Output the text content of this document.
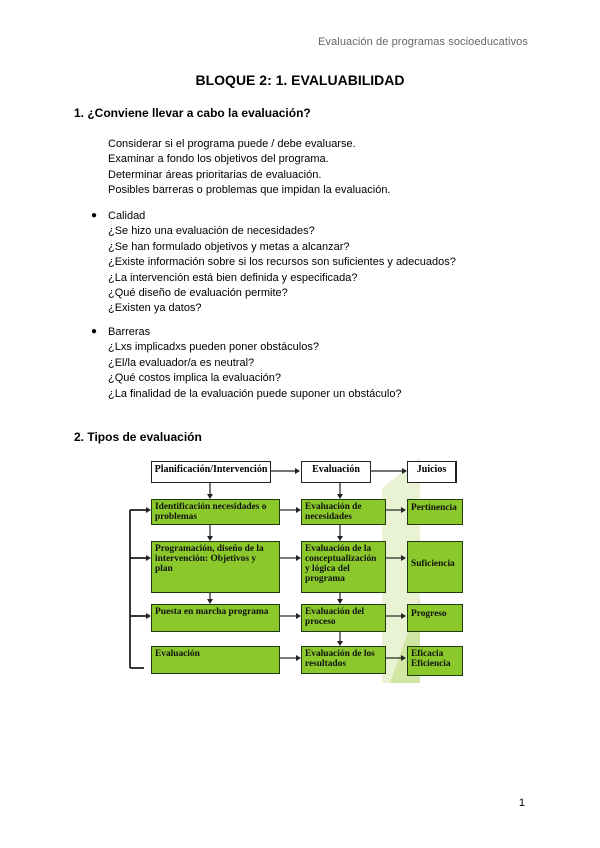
Evaluación de programas socioeducativos
BLOQUE 2: 1. EVALUABILIDAD
1. ¿Conviene llevar a cabo la evaluación?
Considerar si el programa puede / debe evaluarse.
Examinar a fondo los objetivos del programa.
Determinar áreas prioritarias de evaluación.
Posibles barreras o problemas que impidan la evaluación.
● Calidad
¿Se hizo una evaluación de necesidades?
¿Se han formulado objetivos y metas a alcanzar?
¿Existe información sobre si los recursos son suficientes y adecuados?
¿La intervención está bien definida y especificada?
¿Qué diseño de evaluación permite?
¿Existen ya datos?
● Barreras
¿Lxs implicadxs pueden poner obstáculos?
¿El/la evaluador/a es neutral?
¿Qué costos implica la evaluación?
¿La finalidad de la evaluación puede suponer un obstáculo?
2. Tipos de evaluación
Planificación/Intervención	Evaluación	Juicios
Identificación necesidades o problemas
Programación, diseño de la intervención: Objetivos y plan
Puesta en marcha programa
Evaluación
Evaluación de necesidades
Evaluación de la conceptualización y lógica del programa
Evaluación del proceso
Evaluación de los resultados
Pertinencia
Suficiencia
Progreso
Eficacia Eficiencia
1
